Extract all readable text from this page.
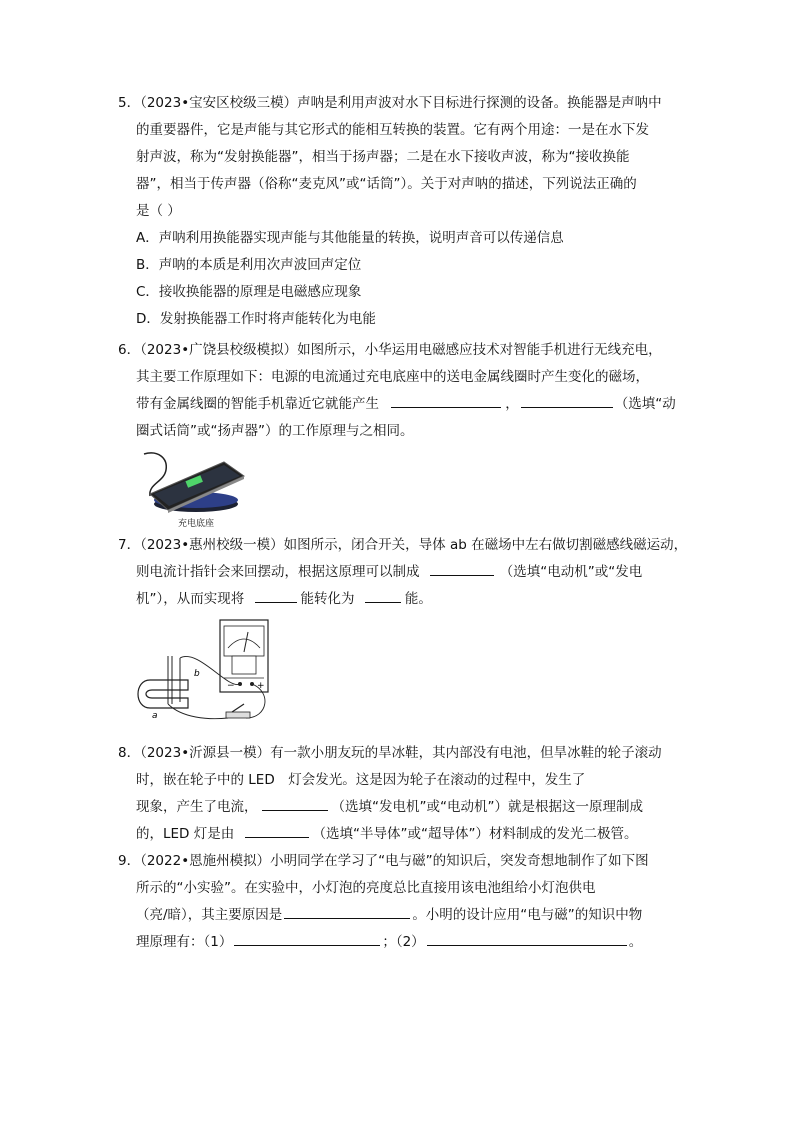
5．（2023•宝安区校级三模）声呐是利用声波对水下目标进行探测的设备。换能器是声呐中
的重要器件，它是声能与其它形式的能相互转换的装置。它有两个用途：一是在水下发
射声波，称为“发射换能器”，相当于扬声器；二是在水下接收声波，称为“接收换能
器”，相当于传声器（俗称“麦克风”或“话筒”）。关于对声呐的描述，下列说法正确的
是（ ）
A．声呐利用换能器实现声能与其他能量的转换，说明声音可以传递信息
B．声呐的本质是利用次声波回声定位
C．接收换能器的原理是电磁感应现象
D．发射换能器工作时将声能转化为电能
6．（2023•广饶县校级模拟）如图所示，小华运用电磁感应技术对智能手机进行无线充电，
其主要工作原理如下：电源的电流通过充电底座中的送电金属线圈时产生变化的磁场，
带有金属线圈的智能手机靠近它就能产生	，	（选填“动
圈式话筒”或“扬声器”）的工作原理与之相同。
充电底座
7．（2023•惠州校级一模）如图所示，闭合开关，导体 ab 在磁场中左右做切割磁感线磁运动，
则电流计指针会来回摆动，根据这原理可以制成	（选填“电动机”或“发电
机”），从而实现将	能转化为	能。
b
a
− +
8．（2023•沂源县一模）有一款小朋友玩的旱冰鞋，其内部没有电池，但旱冰鞋的轮子滚动
时，嵌在轮子中的 LED　灯会发光。这是因为轮子在滚动的过程中，发生了
现象，产生了电流，	（选填“发电机”或“电动机”）就是根据这一原理制成
的，LED 灯是由	（选填“半导体”或“超导体”）材料制成的发光二极管。
9．（2022•恩施州模拟）小明同学在学习了“电与磁”的知识后，突发奇想地制作了如下图
所示的“小实验”。在实验中，小灯泡的亮度总比直接用该电池组给小灯泡供电
（亮/暗），其主要原因是	。小明的设计应用“电与磁”的知识中物
理原理有：（1）	；（2）	。
